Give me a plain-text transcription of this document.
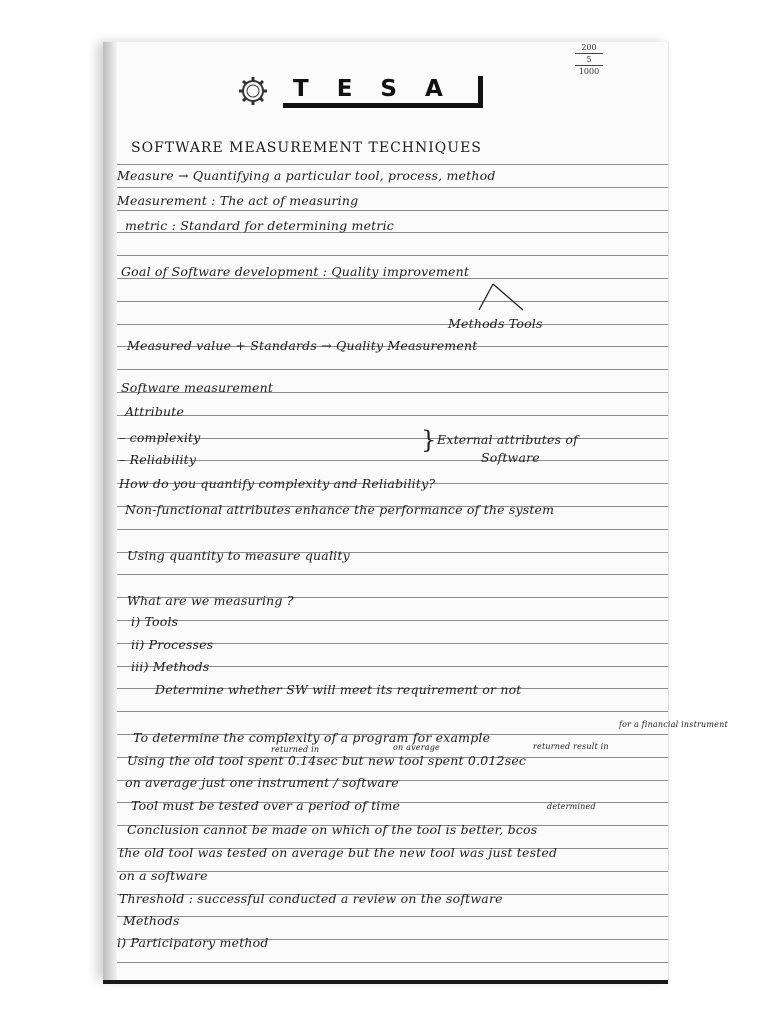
200
5
1000
TESA
SOFTWARE MEASUREMENT TECHNIQUES
Measure → Quantifying a particular tool, process, method
Measurement : The act of measuring
metric : Standard for determining metric
Goal of Software development : Quality improvement
Methods Tools
Measured value + Standards → Quality Measurement
Software measurement
Attribute
– complexity
– Reliability
} External attributes of
Software
How do you quantify complexity and Reliability?
Non-functional attributes enhance the performance of the system
Using quantity to measure quality
What are we measuring ?
i) Tools
ii) Processes
iii) Methods
Determine whether SW will meet its requirement or not
for a financial instrument
To determine the complexity of a program for example
returned in	on average	returned result in
Using the old tool spent 0.14sec but new tool spent 0.012sec
on average just one instrument / software
Tool must be tested over a period of time	determined
Conclusion cannot be made on which of the tool is better, bcos
the old tool was tested on average but the new tool was just tested
on a software
Threshold : successful conducted a review on the software
Methods
i) Participatory method
